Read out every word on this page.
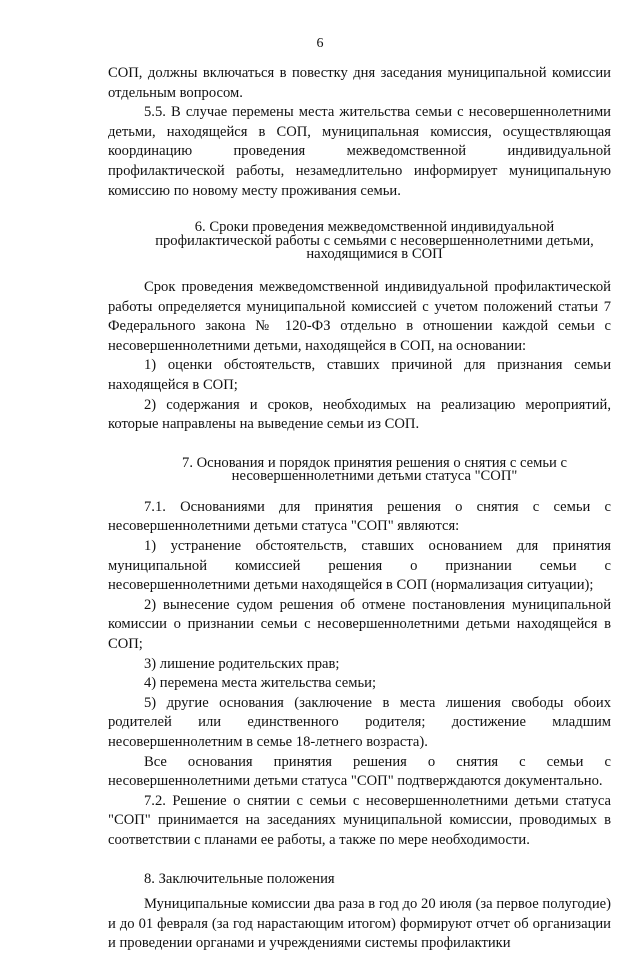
6

СОП, должны включаться в повестку дня заседания муниципальной комиссии отдельным вопросом.

5.5. В случае перемены места жительства семьи с несовершеннолетними детьми, находящейся в СОП, муниципальная комиссия, осуществляющая координацию проведения межведомственной индивидуальной профилактической работы, незамедлительно информирует муниципальную комиссию по новому месту проживания семьи.

6. Сроки проведения межведомственной индивидуальной профилактической работы с семьями с несовершеннолетними детьми, находящимися в СОП

Срок проведения межведомственной индивидуальной профилактической работы определяется муниципальной комиссией с учетом положений статьи 7 Федерального закона № 120-ФЗ отдельно в отношении каждой семьи с несовершеннолетними детьми, находящейся в СОП, на основании:

1) оценки обстоятельств, ставших причиной для признания семьи находящейся в СОП;

2) содержания и сроков, необходимых на реализацию мероприятий, которые направлены на выведение семьи из СОП.

7. Основания и порядок принятия решения о снятия с семьи с несовершеннолетними детьми статуса "СОП"

7.1. Основаниями для принятия решения о снятия с семьи с несовершеннолетними детьми статуса "СОП" являются:

1) устранение обстоятельств, ставших основанием для принятия муниципальной комиссией решения о признании семьи с несовершеннолетними детьми находящейся в СОП (нормализация ситуации);

2) вынесение судом решения об отмене постановления муниципальной комиссии о признании семьи с несовершеннолетними детьми находящейся в СОП;

3) лишение родительских прав;

4) перемена места жительства семьи;

5) другие основания (заключение в места лишения свободы обоих родителей или единственного родителя; достижение младшим несовершеннолетним в семье 18-летнего возраста).

Все основания принятия решения о снятия с семьи с несовершеннолетними детьми статуса "СОП" подтверждаются документально.

7.2. Решение о снятии с семьи с несовершеннолетними детьми статуса "СОП" принимается на заседаниях муниципальной комиссии, проводимых в соответствии с планами ее работы, а также по мере необходимости.

8. Заключительные положения

Муниципальные комиссии два раза в год до 20 июля (за первое полугодие) и до 01 февраля (за год нарастающим итогом) формируют отчет об организации и проведении органами и учреждениями системы профилактики
